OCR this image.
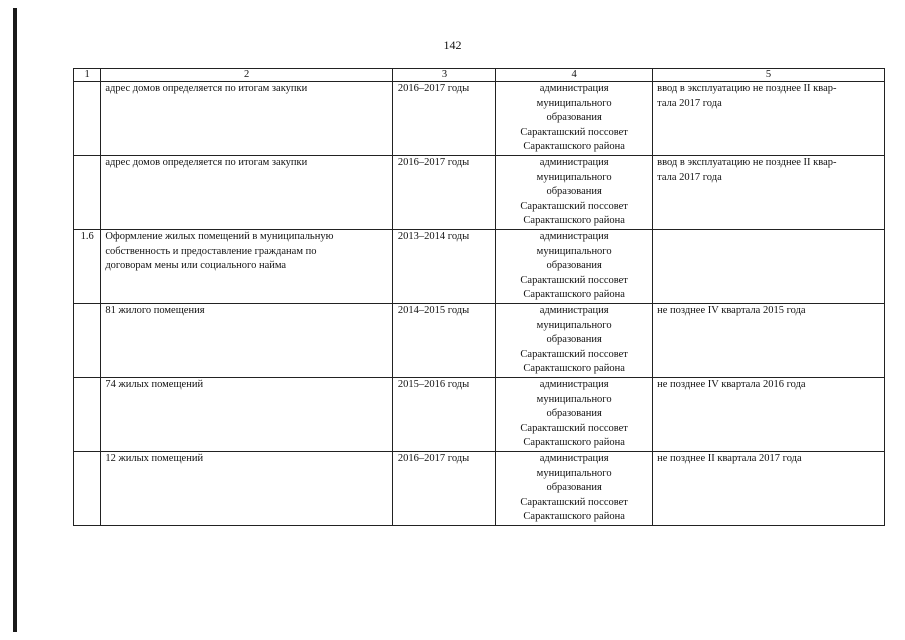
142
1	2	3	4	5

	адрес домов определяется по итогам закупки	2016–2017 годы	администрация
муниципального
образования
Саракташский поссовет
Саракташского района	ввод в эксплуатацию не позднее II квар-
тала 2017 года

	адрес домов определяется по итогам закупки	2016–2017 годы	администрация
муниципального
образования
Саракташский поссовет
Саракташского района	ввод в эксплуатацию не позднее II квар-
тала 2017 года

1.6	Оформление жилых помещений в муниципальную
собственность и предоставление гражданам по
договорам мены или социального найма	2013–2014 годы	администрация
муниципального
образования
Саракташский поссовет
Саракташского района	

	81 жилого помещения	2014–2015 годы	администрация
муниципального
образования
Саракташский поссовет
Саракташского района	не позднее IV квартала 2015 года

	74 жилых помещений	2015–2016 годы	администрация
муниципального
образования
Саракташский поссовет
Саракташского района	не позднее IV квартала 2016 года

	12 жилых помещений	2016–2017 годы	администрация
муниципального
образования
Саракташский поссовет
Саракташского района	не позднее II квартала 2017 года
